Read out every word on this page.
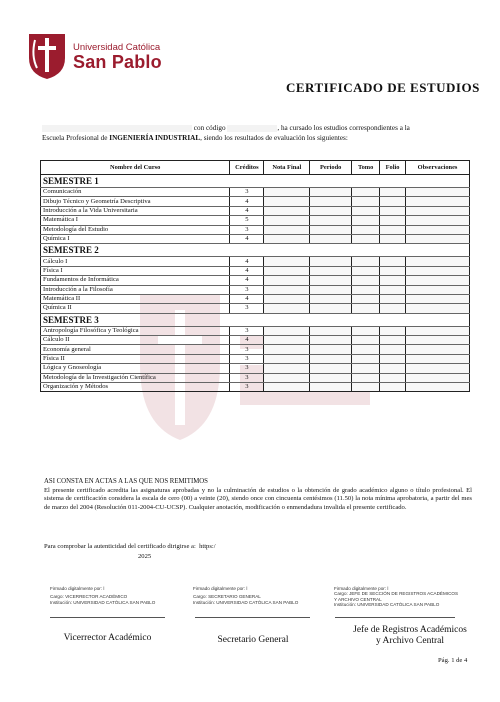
Universidad Católica
San Pablo
CERTIFICADO DE ESTUDIOS
con código	, ha cursado los estudios correspondientes a la
Escuela Profesional de INGENIERÍA INDUSTRIAL, siendo los resultados de evaluación los siguientes:
Nombre del Curso	Créditos	Nota Final	Periodo	Tomo	Folio	Observaciones
SEMESTRE 1						
Comunicación	3					
Dibujo Técnico y Geometría Descriptiva	4					
Introducción a la Vida Universitaria	4					
Matemática I	5					
Metodología del Estudio	3					
Química I	4					
SEMESTRE 2						
Cálculo I	4					
Física I	4					
Fundamentos de Informática	4					
Introducción a la Filosofía	3					
Matemática II	4					
Química II	3					
SEMESTRE 3						
Antropología Filosófica y Teológica	3					
Cálculo II	4					
Economía general	3					
Física II	3					
Lógica y Gnoseología	3					
Metodología de la Investigación Científica	3					
Organización y Métodos	3					
ASI CONSTA EN ACTAS A LAS QUE NOS REMITIMOS
El presente certificado acredita las asignaturas aprobadas y no la culminación de estudios o la obtención de grado académico alguno o título profesional. El sistema de certificación considera la escala de cero (00) a veinte (20), siendo once con cincuenta centésimos (11.50) la nota mínima aprobatoria, a partir del mes de marzo del 2004 (Resolución 011-2004-CU-UCSP). Cualquier anotación, modificación o enmendadura invalida el presente certificado.
Para comprobar la autenticidad del certificado dirigirse a: https:/
2025
Firmado digitalmente por: l
Cargo: VICERRECTOR ACADÉMICO
Institución: UNIVERSIDAD CATÓLICA SAN PABLO
Vicerrector Académico
Firmado digitalmente por: l
Cargo: SECRETARIO GENERAL
Institución: UNIVERSIDAD CATÓLICA SAN PABLO
Secretario General
Firmado digitalmente por: l
Cargo: JEFE DE SECCIÓN DE REGISTROS ACADÉMICOS Y ARCHIVO CENTRAL
Institución: UNIVERSIDAD CATÓLICA SAN PABLO
Jefe de Registros Académicos y Archivo Central
Pág. 1 de 4
